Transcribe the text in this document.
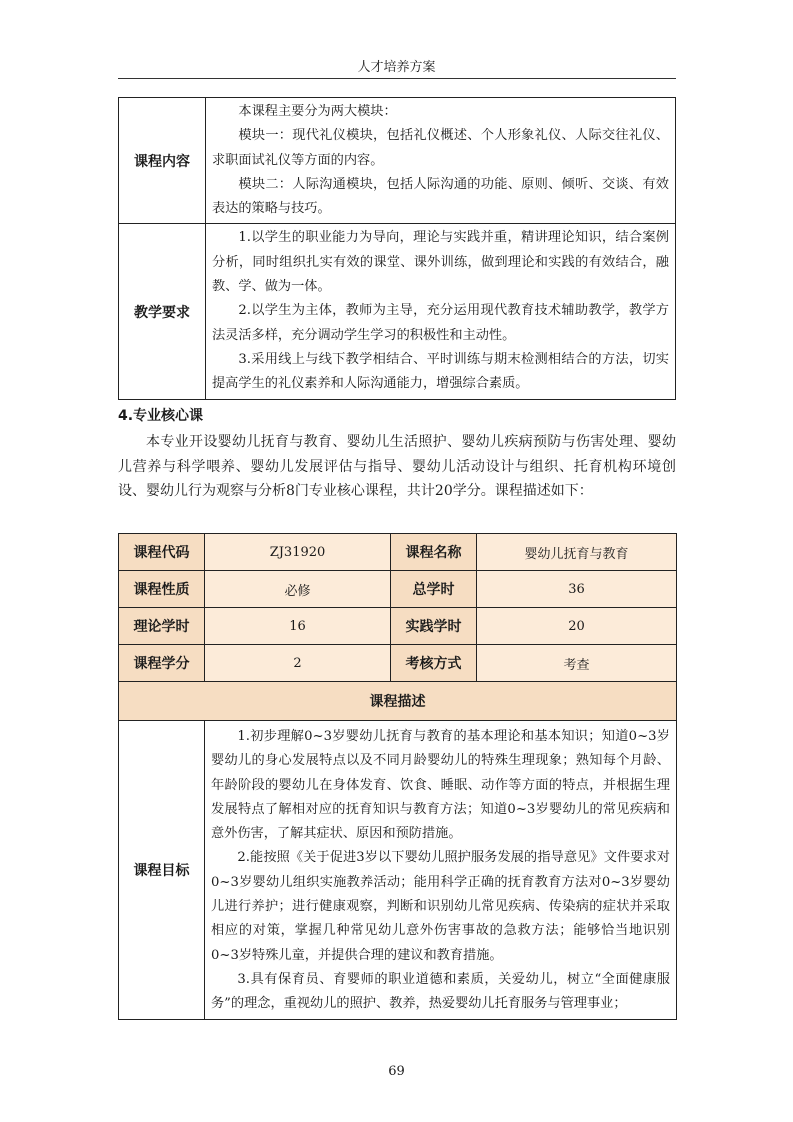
人才培养方案
课程内容	本课程主要分为两大模块：

模块一：现代礼仪模块，包括礼仪概述、个人形象礼仪、人际交往礼仪、求职面试礼仪等方面的内容。

模块二：人际沟通模块，包括人际沟通的功能、原则、倾听、交谈、有效表达的策略与技巧。

教学要求	1.以学生的职业能力为导向，理论与实践并重，精讲理论知识，结合案例分析，同时组织扎实有效的课堂、课外训练，做到理论和实践的有效结合，融教、学、做为一体。

2.以学生为主体，教师为主导，充分运用现代教育技术辅助教学，教学方法灵活多样，充分调动学生学习的积极性和主动性。

3.采用线上与线下教学相结合、平时训练与期末检测相结合的方法，切实提高学生的礼仪素养和人际沟通能力，增强综合素质。

4.专业核心课

本专业开设婴幼儿抚育与教育、婴幼儿生活照护、婴幼儿疾病预防与伤害处理、婴幼儿营养与科学喂养、婴幼儿发展评估与指导、婴幼儿活动设计与组织、托育机构环境创设、婴幼儿行为观察与分析8门专业核心课程，共计20学分。课程描述如下：

课程代码	ZJ31920	课程名称	婴幼儿抚育与教育
课程性质	必修	总学时	36
理论学时	16	实践学时	20
课程学分	2	考核方式	考查
课程描述			
课程目标	1.初步理解0~3岁婴幼儿抚育与教育的基本理论和基本知识；知道0~3岁婴幼儿的身心发展特点以及不同月龄婴幼儿的特殊生理现象；熟知每个月龄、年龄阶段的婴幼儿在身体发育、饮食、睡眠、动作等方面的特点，并根据生理发展特点了解相对应的抚育知识与教育方法；知道0~3岁婴幼儿的常见疾病和意外伤害，了解其症状、原因和预防措施。

2.能按照《关于促进3岁以下婴幼儿照护服务发展的指导意见》文件要求对0~3岁婴幼儿组织实施教养活动；能用科学正确的抚育教育方法对0~3岁婴幼儿进行养护；进行健康观察，判断和识别幼儿常见疾病、传染病的症状并采取相应的对策，掌握几种常见幼儿意外伤害事故的急救方法；能够恰当地识别0~3岁特殊儿童，并提供合理的建议和教育措施。

3.具有保育员、育婴师的职业道德和素质，关爱幼儿，树立“全面健康服务”的理念，重视幼儿的照护、教养，热爱婴幼儿托育服务与管理事业；		

69
